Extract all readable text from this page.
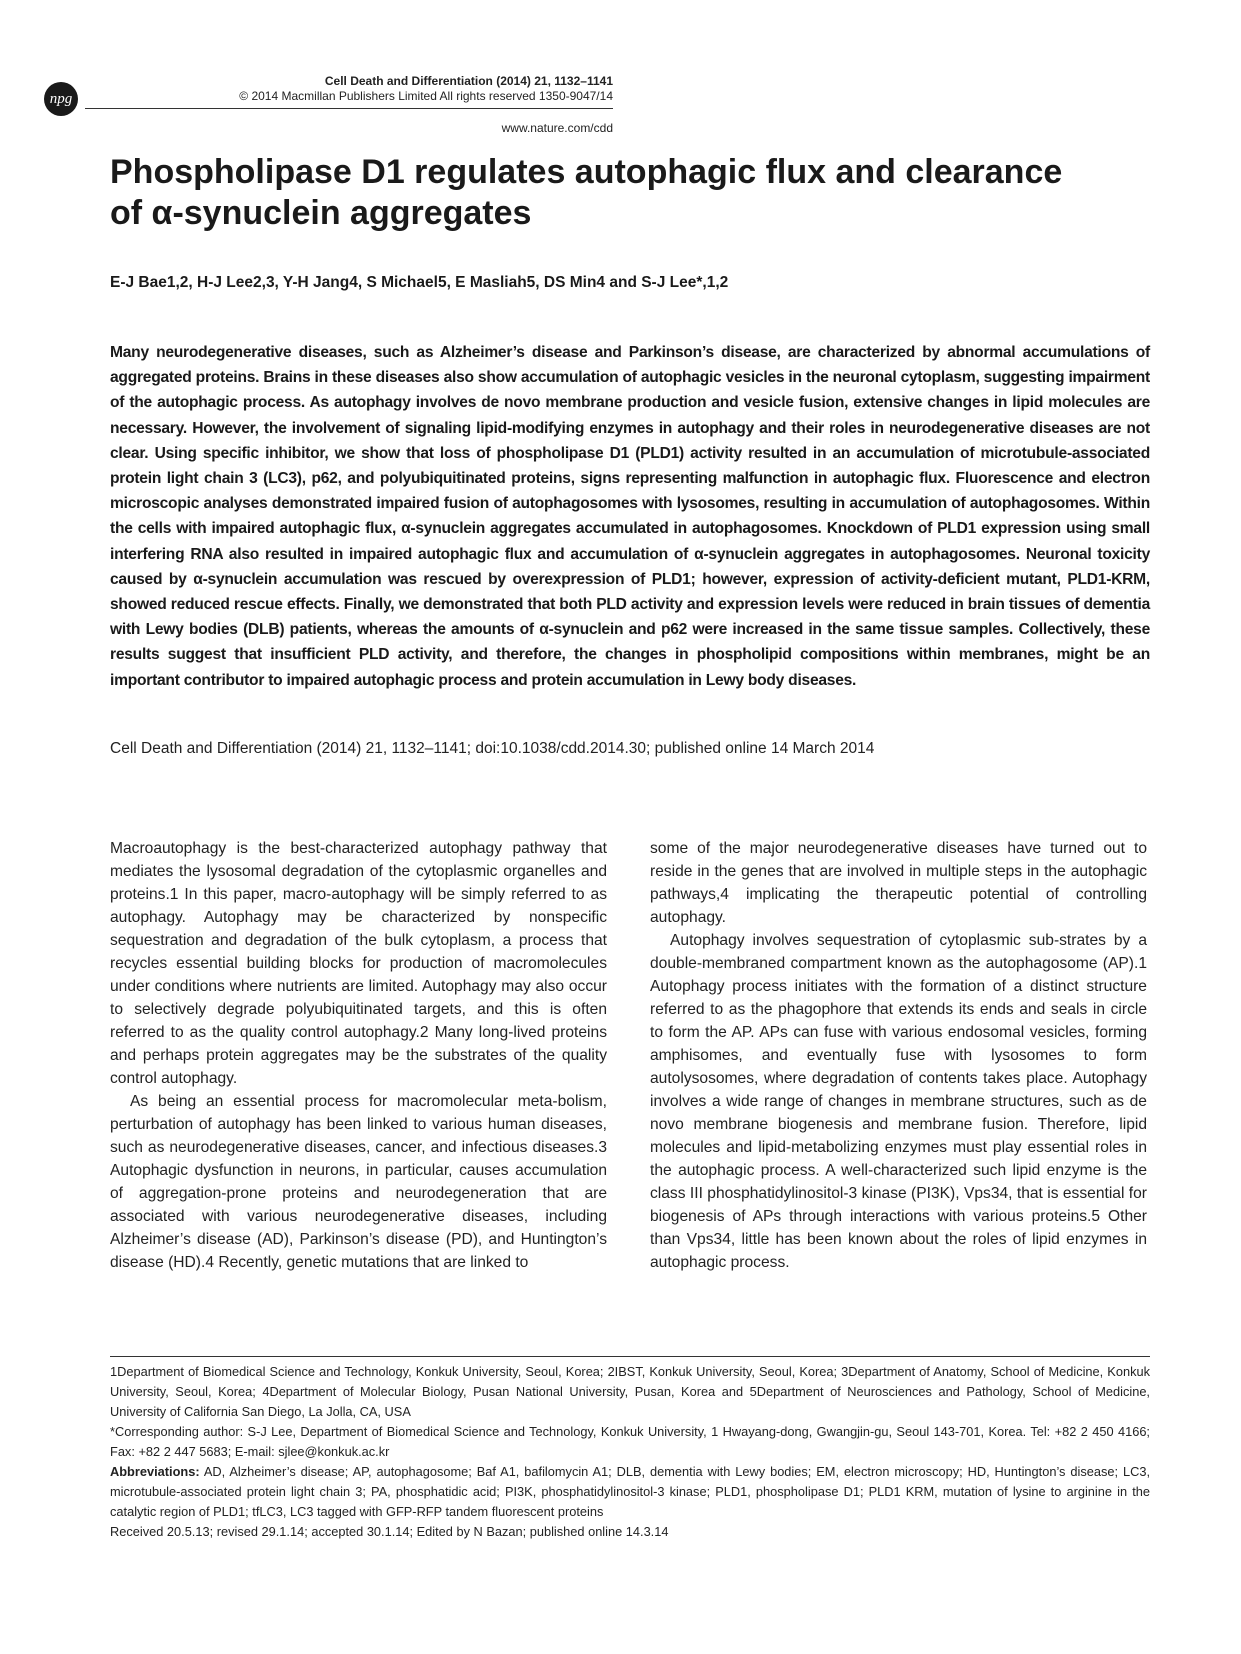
npg
Cell Death and Differentiation (2014) 21, 1132–1141
© 2014 Macmillan Publishers Limited All rights reserved 1350-9047/14
www.nature.com/cdd
Phospholipase D1 regulates autophagic flux and clearance of α-synuclein aggregates
E-J Bae1,2, H-J Lee2,3, Y-H Jang4, S Michael5, E Masliah5, DS Min4 and S-J Lee*,1,2

Many neurodegenerative diseases, such as Alzheimer’s disease and Parkinson’s disease, are characterized by abnormal accumulations of aggregated proteins. Brains in these diseases also show accumulation of autophagic vesicles in the neuronal cytoplasm, suggesting impairment of the autophagic process. As autophagy involves de novo membrane production and vesicle fusion, extensive changes in lipid molecules are necessary. However, the involvement of signaling lipid-modifying enzymes in autophagy and their roles in neurodegenerative diseases are not clear. Using specific inhibitor, we show that loss of phospholipase D1 (PLD1) activity resulted in an accumulation of microtubule-associated protein light chain 3 (LC3), p62, and polyubiquitinated proteins, signs representing malfunction in autophagic flux. Fluorescence and electron microscopic analyses demonstrated impaired fusion of autophagosomes with lysosomes, resulting in accumulation of autophagosomes. Within the cells with impaired autophagic flux, α-synuclein aggregates accumulated in autophagosomes. Knockdown of PLD1 expression using small interfering RNA also resulted in impaired autophagic flux and accumulation of α-synuclein aggregates in autophagosomes. Neuronal toxicity caused by α-synuclein accumulation was rescued by overexpression of PLD1; however, expression of activity-deficient mutant, PLD1-KRM, showed reduced rescue effects. Finally, we demonstrated that both PLD activity and expression levels were reduced in brain tissues of dementia with Lewy bodies (DLB) patients, whereas the amounts of α-synuclein and p62 were increased in the same tissue samples. Collectively, these results suggest that insufficient PLD activity, and therefore, the changes in phospholipid compositions within membranes, might be an important contributor to impaired autophagic process and protein accumulation in Lewy body diseases.

Cell Death and Differentiation (2014) 21, 1132–1141; doi:10.1038/cdd.2014.30; published online 14 March 2014

Macroautophagy is the best-characterized autophagy pathway that mediates the lysosomal degradation of the cytoplasmic organelles and proteins.1 In this paper, macro-autophagy will be simply referred to as autophagy. Autophagy may be characterized by nonspecific sequestration and degradation of the bulk cytoplasm, a process that recycles essential building blocks for production of macromolecules under conditions where nutrients are limited. Autophagy may also occur to selectively degrade polyubiquitinated targets, and this is often referred to as the quality control autophagy.2 Many long-lived proteins and perhaps protein aggregates may be the substrates of the quality control autophagy.

As being an essential process for macromolecular meta-bolism, perturbation of autophagy has been linked to various human diseases, such as neurodegenerative diseases, cancer, and infectious diseases.3 Autophagic dysfunction in neurons, in particular, causes accumulation of aggregation-prone proteins and neurodegeneration that are associated with various neurodegenerative diseases, including Alzheimer’s disease (AD), Parkinson’s disease (PD), and Huntington’s disease (HD).4 Recently, genetic mutations that are linked to

some of the major neurodegenerative diseases have turned out to reside in the genes that are involved in multiple steps in the autophagic pathways,4 implicating the therapeutic potential of controlling autophagy.

Autophagy involves sequestration of cytoplasmic sub-strates by a double-membraned compartment known as the autophagosome (AP).1 Autophagy process initiates with the formation of a distinct structure referred to as the phagophore that extends its ends and seals in circle to form the AP. APs can fuse with various endosomal vesicles, forming amphisomes, and eventually fuse with lysosomes to form autolysosomes, where degradation of contents takes place. Autophagy involves a wide range of changes in membrane structures, such as de novo membrane biogenesis and membrane fusion. Therefore, lipid molecules and lipid-metabolizing enzymes must play essential roles in the autophagic process. A well-characterized such lipid enzyme is the class III phosphatidylinositol-3 kinase (PI3K), Vps34, that is essential for biogenesis of APs through interactions with various proteins.5 Other than Vps34, little has been known about the roles of lipid enzymes in autophagic process.

1Department of Biomedical Science and Technology, Konkuk University, Seoul, Korea; 2IBST, Konkuk University, Seoul, Korea; 3Department of Anatomy, School of Medicine, Konkuk University, Seoul, Korea; 4Department of Molecular Biology, Pusan National University, Pusan, Korea and 5Department of Neurosciences and Pathology, School of Medicine, University of California San Diego, La Jolla, CA, USA

*Corresponding author: S-J Lee, Department of Biomedical Science and Technology, Konkuk University, 1 Hwayang-dong, Gwangjin-gu, Seoul 143-701, Korea. Tel: +82 2 450 4166; Fax: +82 2 447 5683; E-mail: sjlee@konkuk.ac.kr

Abbreviations: AD, Alzheimer’s disease; AP, autophagosome; Baf A1, bafilomycin A1; DLB, dementia with Lewy bodies; EM, electron microscopy; HD, Huntington’s disease; LC3, microtubule-associated protein light chain 3; PA, phosphatidic acid; PI3K, phosphatidylinositol-3 kinase; PLD1, phospholipase D1; PLD1 KRM, mutation of lysine to arginine in the catalytic region of PLD1; tfLC3, LC3 tagged with GFP-RFP tandem fluorescent proteins

Received 20.5.13; revised 29.1.14; accepted 30.1.14; Edited by N Bazan; published online 14.3.14
